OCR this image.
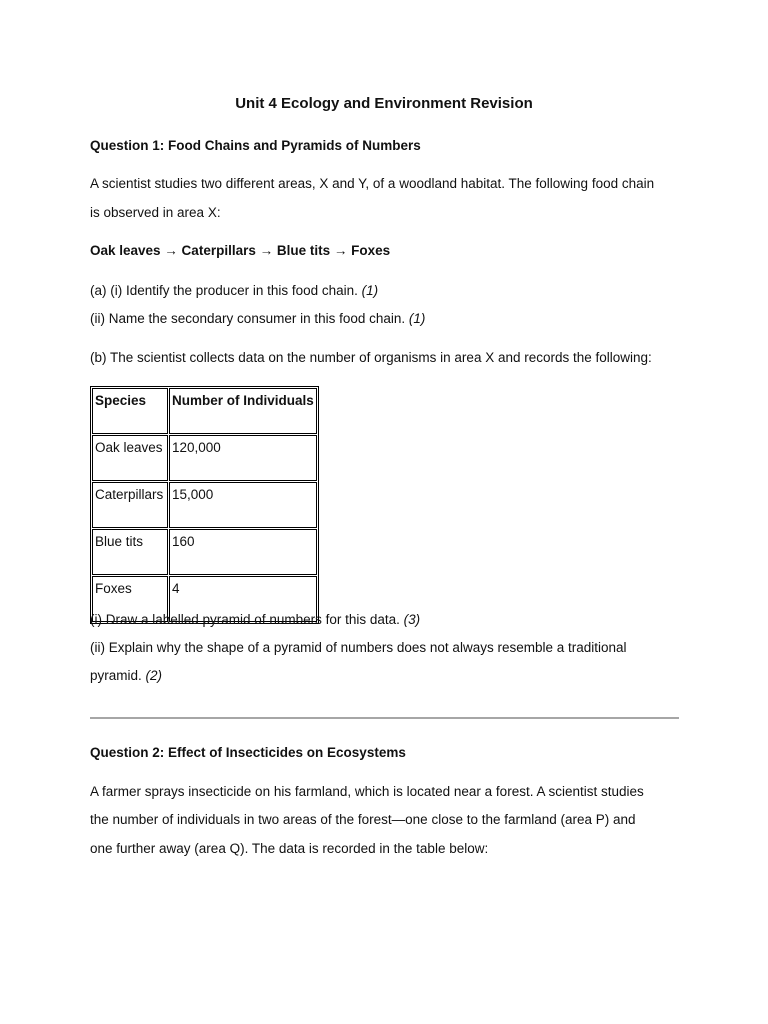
Unit 4 Ecology and Environment Revision
Question 1: Food Chains and Pyramids of Numbers
A scientist studies two different areas, X and Y, of a woodland habitat. The following food chain
is observed in area X:
Oak leaves → Caterpillars → Blue tits → Foxes
(a) (i) Identify the producer in this food chain. (1)
(ii) Name the secondary consumer in this food chain. (1)
(b) The scientist collects data on the number of organisms in area X and records the following:
Species	Number of Individuals
Oak leaves	120,000
Caterpillars	15,000
Blue tits	160
Foxes	4
(i) Draw a labelled pyramid of numbers for this data. (3)
(ii) Explain why the shape of a pyramid of numbers does not always resemble a traditional
pyramid. (2)
Question 2: Effect of Insecticides on Ecosystems
A farmer sprays insecticide on his farmland, which is located near a forest. A scientist studies
the number of individuals in two areas of the forest—one close to the farmland (area P) and
one further away (area Q). The data is recorded in the table below:
